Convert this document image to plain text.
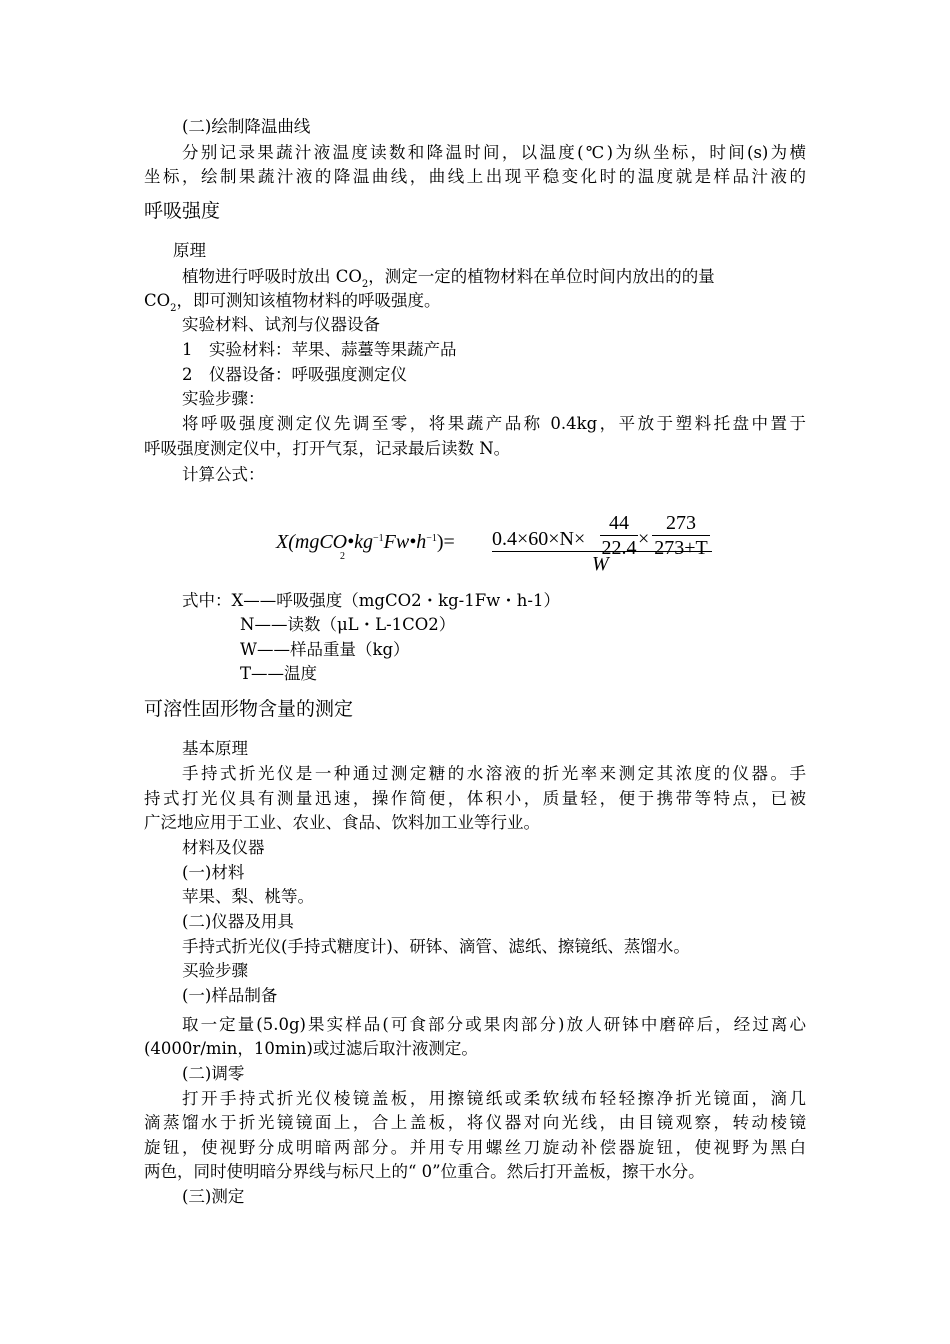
(二)绘制降温曲线
分别记录果蔬汁液温度读数和降温时间，以温度(℃)为纵坐标，时间(s)为横
坐标，绘制果蔬汁液的降温曲线，曲线上出现平稳变化时的温度就是样品汁液的
呼吸强度
原理
植物进行呼吸时放出 $CO_2$，测定一定的植物材料在单位时间内放出的的量
$CO_2$，即可测知该植物材料的呼吸强度。
实验材料、试剂与仪器设备
1　实验材料：苹果、蒜薹等果蔬产品
2　仪器设备：呼吸强度测定仪
实验步骤：
将呼吸强度测定仪先调至零，将果蔬产品称 0.4kg，平放于塑料托盘中置于
呼吸强度测定仪中，打开气泵，记录最后读数 N。
计算公式：
X(mgCO
2
$•kg^{-1}Fw•h^{-1})= 0.4\times 60\times N\times \frac{44}{22.4} \times \frac{273}{273+T}$
W
式中：X——呼吸强度（mgCO2・kg-1Fw・h-1）
N——读数（μL・L-1CO2）
W——样品重量（kg）
T——温度
可溶性固形物含量的测定
基本原理
手持式折光仪是一种通过测定糖的水溶液的折光率来测定其浓度的仪器。手
持式打光仪具有测量迅速，操作简便，体积小，质量轻，便于携带等特点，已被
广泛地应用于工业、农业、食品、饮料加工业等行业。
材料及仪器
(一)材料
苹果、梨、桃等。
(二)仪器及用具
手持式折光仪(手持式糖度计)、研钵、滴管、滤纸、擦镜纸、蒸馏水。
买验步骤
(一)样品制备
取一定量(5.0g)果实样品(可食部分或果肉部分)放人研钵中磨碎后，经过离心
(4000r/min，10min)或过滤后取汁液测定。
(二)调零
打开手持式折光仪棱镜盖板，用擦镜纸或柔软绒布轻轻擦净折光镜面，滴几
滴蒸馏水于折光镜镜面上，合上盖板，将仪器对向光线，由目镜观察，转动棱镜
旋钮，使视野分成明暗两部分。并用专用螺丝刀旋动补偿器旋钮，使视野为黑白
两色，同时使明暗分界线与标尺上的“ 0”位重合。然后打开盖板，擦干水分。
(三)测定
